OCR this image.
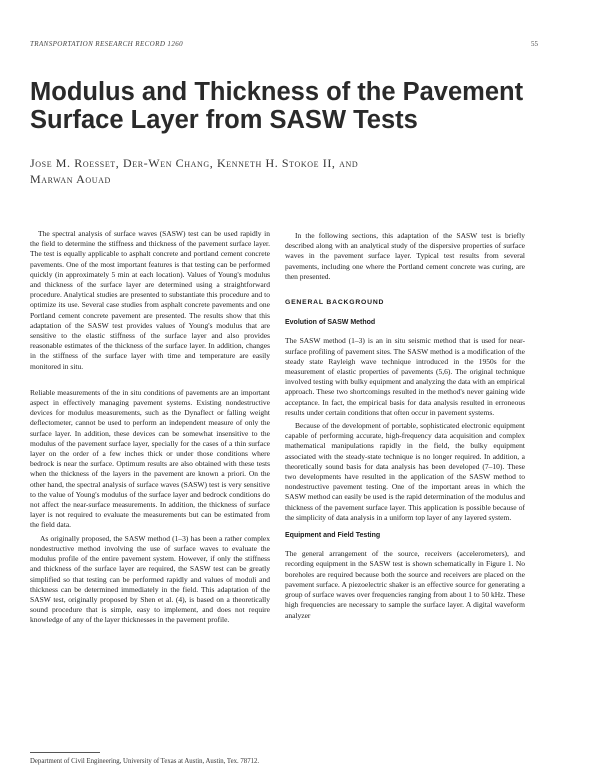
TRANSPORTATION RESEARCH RECORD 1260	55
Modulus and Thickness of the Pavement
Surface Layer from SASW Tests
Jose M. Roesset, Der-Wen Chang, Kenneth H. Stokoe II, and
Marwan Aouad

The spectral analysis of surface waves (SASW) test can be used rapidly in the field to determine the stiffness and thickness of the pavement surface layer. The test is equally applicable to asphalt concrete and portland cement concrete pavements. One of the most important features is that testing can be performed quickly (in approximately 5 min at each location). Values of Young's modulus and thickness of the surface layer are determined using a straightforward procedure. Analytical studies are presented to substantiate this procedure and to optimize its use. Several case studies from asphalt concrete pavements and one Portland cement concrete pavement are presented. The results show that this adaptation of the SASW test provides values of Young's modulus that are sensitive to the elastic stiffness of the surface layer and also provides reasonable estimates of the thickness of the surface layer. In addition, changes in the stiffness of the surface layer with time and temperature are easily monitored in situ.

Reliable measurements of the in situ conditions of pavements are an important aspect in effectively managing pavement systems. Existing nondestructive devices for modulus measurements, such as the Dynaflect or falling weight deflectometer, cannot be used to perform an independent measure of only the surface layer. In addition, these devices can be somewhat insensitive to the modulus of the pavement surface layer, specially for the cases of a thin surface layer on the order of a few inches thick or under those conditions where bedrock is near the surface. Optimum results are also obtained with these tests when the thickness of the layers in the pavement are known a priori. On the other hand, the spectral analysis of surface waves (SASW) test is very sensitive to the value of Young's modulus of the surface layer and bedrock conditions do not affect the near-surface measurements. In addition, the thickness of surface layer is not required to evaluate the measurements but can be estimated from the field data.

As originally proposed, the SASW method (1–3) has been a rather complex nondestructive method involving the use of surface waves to evaluate the modulus profile of the entire pavement system. However, if only the stiffness and thickness of the surface layer are required, the SASW test can be greatly simplified so that testing can be performed rapidly and values of moduli and thickness can be determined immediately in the field. This adaptation of the SASW test, originally proposed by Shen et al. (4), is based on a theoretically sound procedure that is simple, easy to implement, and does not require knowledge of any of the layer thicknesses in the pavement profile.

Department of Civil Engineering, University of Texas at Austin, Austin, Tex. 78712.

In the following sections, this adaptation of the SASW test is briefly described along with an analytical study of the dispersive properties of surface waves in the pavement surface layer. Typical test results from several pavements, including one where the Portland cement concrete was curing, are then presented.

GENERAL BACKGROUND
Evolution of SASW Method

The SASW method (1–3) is an in situ seismic method that is used for near-surface profiling of pavement sites. The SASW method is a modification of the steady state Rayleigh wave technique introduced in the 1950s for the measurement of elastic properties of pavements (5,6). The original technique involved testing with bulky equipment and analyzing the data with an empirical approach. These two shortcomings resulted in the method's never gaining wide acceptance. In fact, the empirical basis for data analysis resulted in erroneous results under certain conditions that often occur in pavement systems.

Because of the development of portable, sophisticated electronic equipment capable of performing accurate, high-frequency data acquisition and complex mathematical manipulations rapidly in the field, the bulky equipment associated with the steady-state technique is no longer required. In addition, a theoretically sound basis for data analysis has been developed (7–10). These two developments have resulted in the application of the SASW method to nondestructive pavement testing. One of the important areas in which the SASW method can easily be used is the rapid determination of the modulus and thickness of the pavement surface layer. This application is possible because of the simplicity of data analysis in a uniform top layer of any layered system.

Equipment and Field Testing

The general arrangement of the source, receivers (accelerometers), and recording equipment in the SASW test is shown schematically in Figure 1. No boreholes are required because both the source and receivers are placed on the pavement surface. A piezoelectric shaker is an effective source for generating a group of surface waves over frequencies ranging from about 1 to 50 kHz. These high frequencies are necessary to sample the surface layer. A digital waveform analyzer
